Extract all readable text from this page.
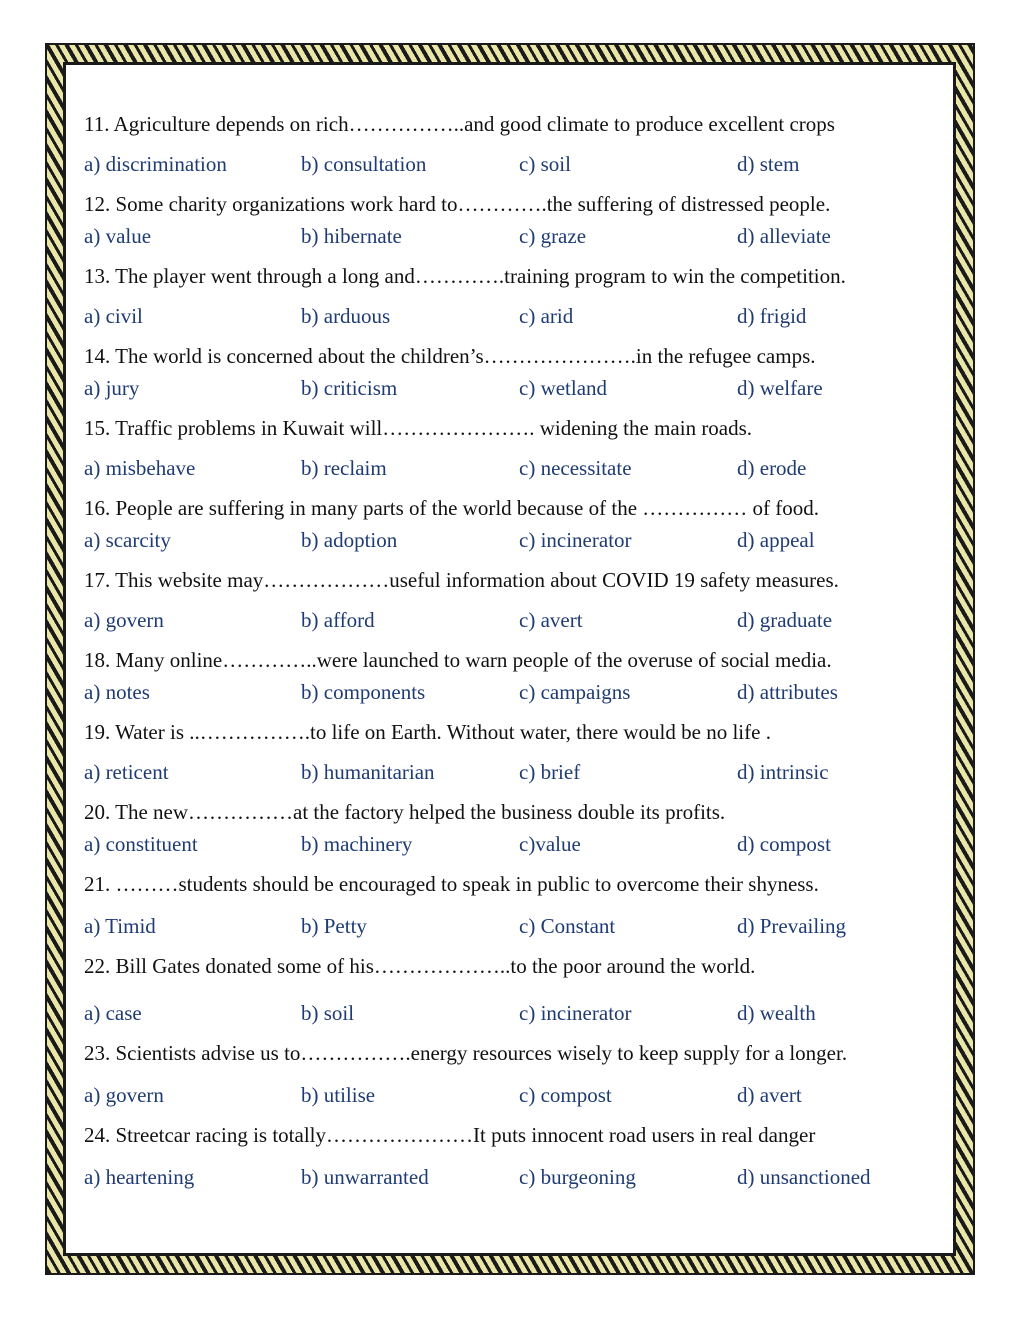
11. Agriculture depends on rich……………..and good climate to produce excellent crops

a) discrimination	b) consultation	c) soil	d) stem

12. Some charity organizations work hard to………….the suffering of distressed people.

a) value	b) hibernate	c) graze	d) alleviate

13. The player went through a long and………….training program to win the competition.

a) civil	b) arduous	c) arid	d) frigid

14. The world is concerned about the children’s………………….in the refugee camps.

a) jury	b) criticism	c) wetland	d) welfare

15. Traffic problems in Kuwait will…………………. widening the main roads.

a) misbehave	b) reclaim	c) necessitate	d) erode

16. People are suffering in many parts of the world because of the …………… of food.

a) scarcity	b) adoption	c) incinerator	d) appeal

17. This website may………………useful information about COVID 19 safety measures.

a) govern	b) afford	c) avert	d) graduate

18. Many online…………..were launched to warn people of the overuse of social media.

a) notes	b) components	c) campaigns	d) attributes

19. Water is ..…………….to life on Earth. Without water, there would be no life .

a) reticent	b) humanitarian	c) brief	d) intrinsic

20. The new……………at the factory helped the business double its profits.

a) constituent	b) machinery	c)value	d) compost

21. ………students should be encouraged to speak in public to overcome their shyness.

a) Timid	b) Petty	c) Constant	d) Prevailing

22. Bill Gates donated some of his………………..to the poor around the world.

a) case	b) soil	c) incinerator	d) wealth

23. Scientists advise us to…………….energy resources wisely to keep supply for a longer.

a) govern	b) utilise	c) compost	d) avert

24. Streetcar racing is totally…………………It puts innocent road users in real danger

a) heartening	b) unwarranted	c) burgeoning	d) unsanctioned
